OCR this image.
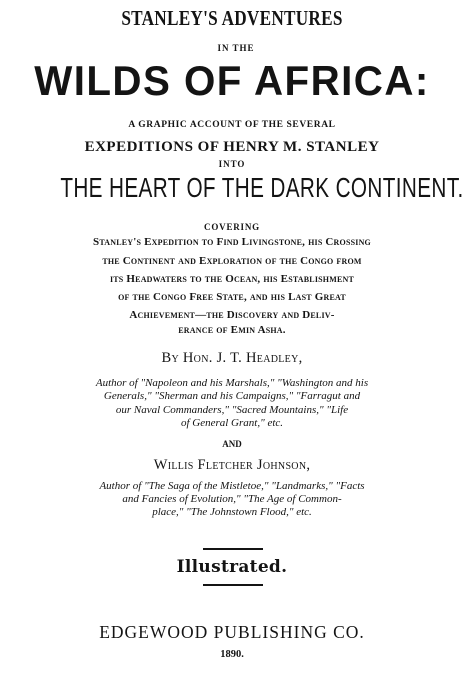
STANLEY'S ADVENTURES
IN THE
WILDS OF AFRICA:
A GRAPHIC ACCOUNT OF THE SEVERAL
EXPEDITIONS OF HENRY M. STANLEY
INTO
THE HEART OF THE DARK CONTINENT.
COVERING
Stanley's Expedition to Find Livingstone, his Crossing
the Continent and Exploration of the Congo from
its Headwaters to the Ocean, his Establishment
of the Congo Free State, and his Last Great
Achievement—the Discovery and Deliv-
erance of Emin Asha.
By Hon. J. T. Headley,
Author of "Napoleon and his Marshals," "Washington and his
Generals," "Sherman and his Campaigns," "Farragut and
our Naval Commanders," "Sacred Mountains," "Life
of General Grant," etc.
AND
Willis Fletcher Johnson,
Author of "The Saga of the Mistletoe," "Landmarks," "Facts
and Fancies of Evolution," "The Age of Common-
place," "The Johnstown Flood," etc.
Illustrated.
EDGEWOOD PUBLISHING CO.
1890.
